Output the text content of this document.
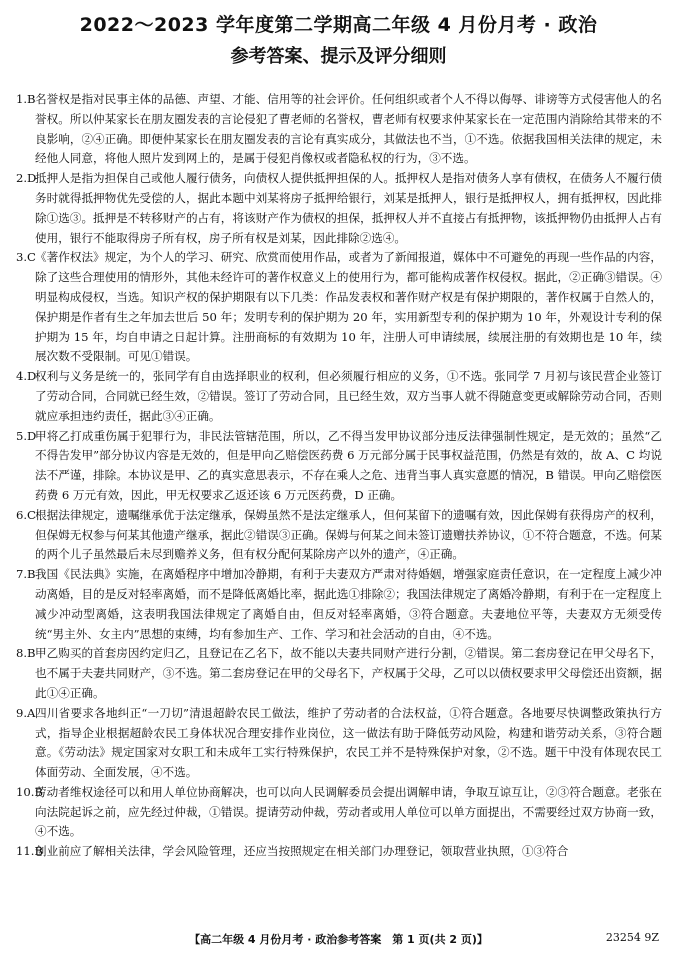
2022～2023 学年度第二学期高二年级 4 月份月考 · 政治
参考答案、提示及评分细则
1.B 名誉权是指对民事主体的品德、声望、才能、信用等的社会评价。任何组织或者个人不得以侮辱、诽谤等方式侵害他人的名誉权。所以仲某家长在朋友圈发表的言论侵犯了曹老师的名誉权，曹老师有权要求仲某家长在一定范围内消除给其带来的不良影响，②④正确。即便仲某家长在朋友圈发表的言论有真实成分，其做法也不当，①不选。依据我国相关法律的规定，未经他人同意，将他人照片发到网上的，是属于侵犯肖像权或者隐私权的行为，③不选。
2.D
抵押人是指为担保自己或他人履行债务，向债权人提供抵押担保的人。抵押权人是指对债务人享有债权，在债务人不履行债务时就得抵押物优先受偿的人，据此本题中刘某将房子抵押给银行，刘某是抵押人，银行是抵押权人，拥有抵押权，因此排除①选③。抵押是不转移财产的占有，将该财产作为债权的担保，抵押权人并不直接占有抵押物，该抵押物仍由抵押人占有使用，银行不能取得房子所有权，房子所有权是刘某，因此排除②选④。
3.C 《著作权法》规定，为个人的学习、研究、欣赏而使用作品，或者为了新闻报道，媒体中不可避免的再现一些作品的内容，除了这些合理使用的情形外，其他未经许可的著作权意义上的使用行为，都可能构成著作权侵权。据此，②正确③错误。④明显构成侵权，当选。知识产权的保护期限有以下几类：作品发表权和著作财产权是有保护期限的，著作权属于自然人的，保护期是作者有生之年加去世后 50 年；发明专利的保护期为 20 年，实用新型专利的保护期为 10 年，外观设计专利的保护期为 15 年，均自申请之日起计算。注册商标的有效期为 10 年，注册人可申请续展，续展注册的有效期也是 10 年，续展次数不受限制。可见①错误。
4.D
权利与义务是统一的，张同学有自由选择职业的权利，但必须履行相应的义务，①不选。张同学 7 月初与该民营企业签订了劳动合同，合同就已经生效，②错误。签订了劳动合同，且已经生效，双方当事人就不得随意变更或解除劳动合同，否则就应承担违约责任，据此③④正确。
5.D
甲将乙打成重伤属于犯罪行为，非民法管辖范围，所以，乙不得当发甲协议部分违反法律强制性规定，是无效的；虽然“乙不得告发甲”部分协议内容是无效的，但是甲向乙赔偿医药费 6 万元部分属于民事权益范围，仍然是有效的，故 A、C 均说法不严谨，排除。本协议是甲、乙的真实意思表示，不存在乘人之危、违背当事人真实意愿的情况，B 错误。甲向乙赔偿医药费 6 万元有效，因此，甲无权要求乙返还该 6 万元医药费，D 正确。
6.C 根据法律规定，遗嘱继承优于法定继承，保姆虽然不是法定继承人，但何某留下的遗嘱有效，因此保姆有获得房产的权利，但保姆无权参与何某其他遗产继承，据此②错误③正确。保姆与何某之间未签订遗赠扶养协议，①不符合题意，不选。何某的两个儿子虽然最后未尽到赡养义务，但有权分配何某除房产以外的遗产，④正确。
7.B 我国《民法典》实施，在离婚程序中增加冷静期，有利于夫妻双方严肃对待婚姻，增强家庭责任意识，在一定程度上减少冲动离婚，目的是反对轻率离婚，而不是降低离婚比率，据此选①排除②；我国法律规定了离婚冷静期，有利于在一定程度上减少冲动型离婚，这表明我国法律规定了离婚自由，但反对轻率离婚，③符合题意。夫妻地位平等，夫妻双方无须受传统“男主外、女主内”思想的束缚，均有参加生产、工作、学习和社会活动的自由，④不选。
8.B 甲乙购买的首套房因约定归乙，且登记在乙名下，故不能以夫妻共同财产进行分割，②错误。第二套房登记在甲父母名下，也不属于夫妻共同财产，③不选。第二套房登记在甲的父母名下，产权属于父母，乙可以以债权要求甲父母偿还出资额，据此①④正确。
9.A 四川省要求各地纠正“一刀切”清退超龄农民工做法，维护了劳动者的合法权益，①符合题意。各地要尽快调整政策执行方式，指导企业根据超龄农民工身体状况合理安排作业岗位，这一做法有助于降低劳动风险，构建和谐劳动关系，③符合题意。《劳动法》规定国家对女职工和未成年工实行特殊保护，农民工并不是特殊保护对象，②不选。题干中没有体现农民工体面劳动、全面发展，④不选。
10.B
劳动者维权途径可以和用人单位协商解决，也可以向人民调解委员会提出调解申请，争取互谅互让，②③符合题意。老张在向法院起诉之前，应先经过仲裁，①错误。提请劳动仲裁，劳动者或用人单位可以单方面提出，不需要经过双方协商一致，④不选。
11.B
创业前应了解相关法律，学会风险管理，还应当按照规定在相关部门办理登记，领取营业执照，①③符合
【高二年级 4 月份月考 · 政治参考答案　第 1 页(共 2 页)】	23254 9Z
